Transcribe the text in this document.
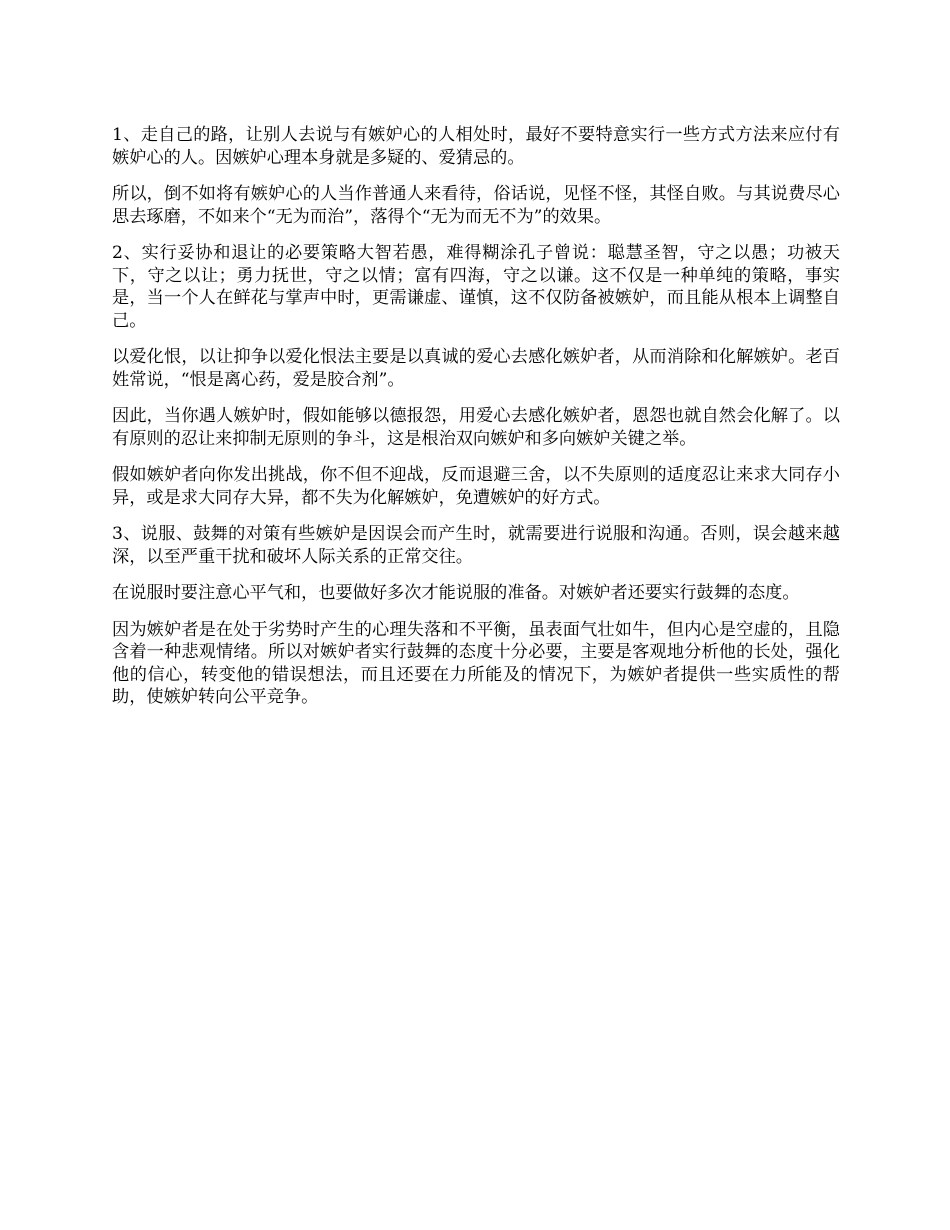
1、走自己的路，让别人去说与有嫉妒心的人相处时，最好不要特意实行一些方式方法来应付有嫉妒心的人。因嫉妒心理本身就是多疑的、爱猜忌的。

所以，倒不如将有嫉妒心的人当作普通人来看待，俗话说，见怪不怪，其怪自败。与其说费尽心思去琢磨，不如来个“无为而治”，落得个“无为而无不为”的效果。

2、实行妥协和退让的必要策略大智若愚，难得糊涂孔子曾说：聪慧圣智，守之以愚；功被天下，守之以让；勇力抚世，守之以情；富有四海，守之以谦。这不仅是一种单纯的策略，事实是，当一个人在鲜花与掌声中时，更需谦虚、谨慎，这不仅防备被嫉妒，而且能从根本上调整自己。

以爱化恨，以让抑争以爱化恨法主要是以真诚的爱心去感化嫉妒者，从而消除和化解嫉妒。老百姓常说，“恨是离心药，爱是胶合剂”。

因此，当你遇人嫉妒时，假如能够以德报怨，用爱心去感化嫉妒者，恩怨也就自然会化解了。以有原则的忍让来抑制无原则的争斗，这是根治双向嫉妒和多向嫉妒关键之举。

假如嫉妒者向你发出挑战，你不但不迎战，反而退避三舍，以不失原则的适度忍让来求大同存小异，或是求大同存大异，都不失为化解嫉妒，免遭嫉妒的好方式。

3、说服、鼓舞的对策有些嫉妒是因误会而产生时，就需要进行说服和沟通。否则，误会越来越深，以至严重干扰和破坏人际关系的正常交往。

在说服时要注意心平气和，也要做好多次才能说服的准备。对嫉妒者还要实行鼓舞的态度。

因为嫉妒者是在处于劣势时产生的心理失落和不平衡，虽表面气壮如牛，但内心是空虚的，且隐含着一种悲观情绪。所以对嫉妒者实行鼓舞的态度十分必要，主要是客观地分析他的长处，强化他的信心，转变他的错误想法，而且还要在力所能及的情况下，为嫉妒者提供一些实质性的帮助，使嫉妒转向公平竞争。
